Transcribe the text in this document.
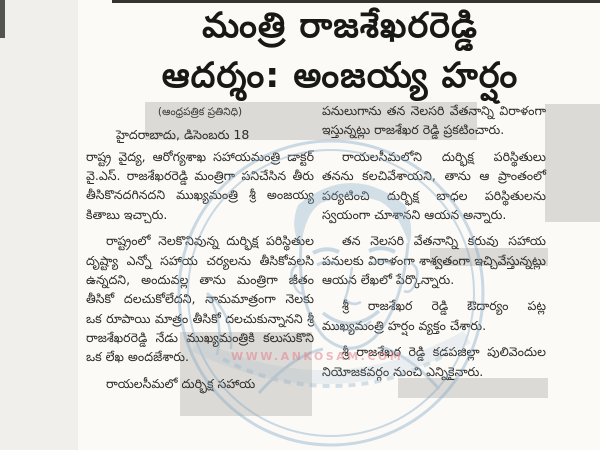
మంత్రి రాజశేఖరరెడ్డి
ఆదర్శం: అంజయ్య హర్షం

(ఆంధ్రపత్రిక ప్రతినిధి)

హైదరాబాదు, డిసెంబరు 18

రాష్ట్ర వైద్య, ఆరోగ్యశాఖ సహాయమంత్రి డాక్టర్ వై.ఎస్. రాజశేఖరరెడ్డి మంత్రిగా పనిచేసిన తీరు తీసికొనదగినదని ముఖ్యమంత్రి శ్రీ అంజయ్య కితాబు ఇచ్చారు.

రాష్ట్రంలో నెలకొనివున్న దుర్భిక్ష పరిస్థితుల దృష్ట్యా ఎన్నో సహాయ చర్యలను తీసికోవలసి ఉన్నదని, అందువల్ల తాను మంత్రిగా జీతం తీసికో దలచుకోలేదని, నామమాత్రంగా నెలకు ఒక రూపాయి మాత్రం తీసికో దలచుకున్నానని శ్రీ రాజశేఖరరెడ్డి నేడు ముఖ్యమంత్రికి కలుసుకొని ఒక లేఖ అందజేశారు.

రాయలసీమలో దుర్భిక్ష సహాయ

పనులుగాను తన నెలసరి వేతనాన్ని విరాళంగా ఇస్తున్నట్లు రాజశేఖర రెడ్డి ప్రకటించారు.

రాయలసీమలోని దుర్భిక్ష పరిస్థితులు తనను కలచివేశాయని, తాను ఆ ప్రాంతంలో పర్యటించి దుర్భిక్ష బాధల పరిస్థితులను స్వయంగా చూశానని ఆయన అన్నారు.

తన నెలసరి వేతనాన్ని కరువు సహాయ పనులకు విరాళంగా శాశ్వతంగా ఇచ్చివేస్తున్నట్లు ఆయన లేఖలో పేర్కొన్నారు.

శ్రీ రాజశేఖర రెడ్డి ఔదార్యం పట్ల ముఖ్యమంత్రి హర్షం వ్యక్తం చేశారు.

శ్రీ రాజశేఖర రెడ్డి కడపజిల్లా పులివెందుల నియోజకవర్గం నుంచి ఎన్నికైనారు.

WWW.ANKOSAM.COM
